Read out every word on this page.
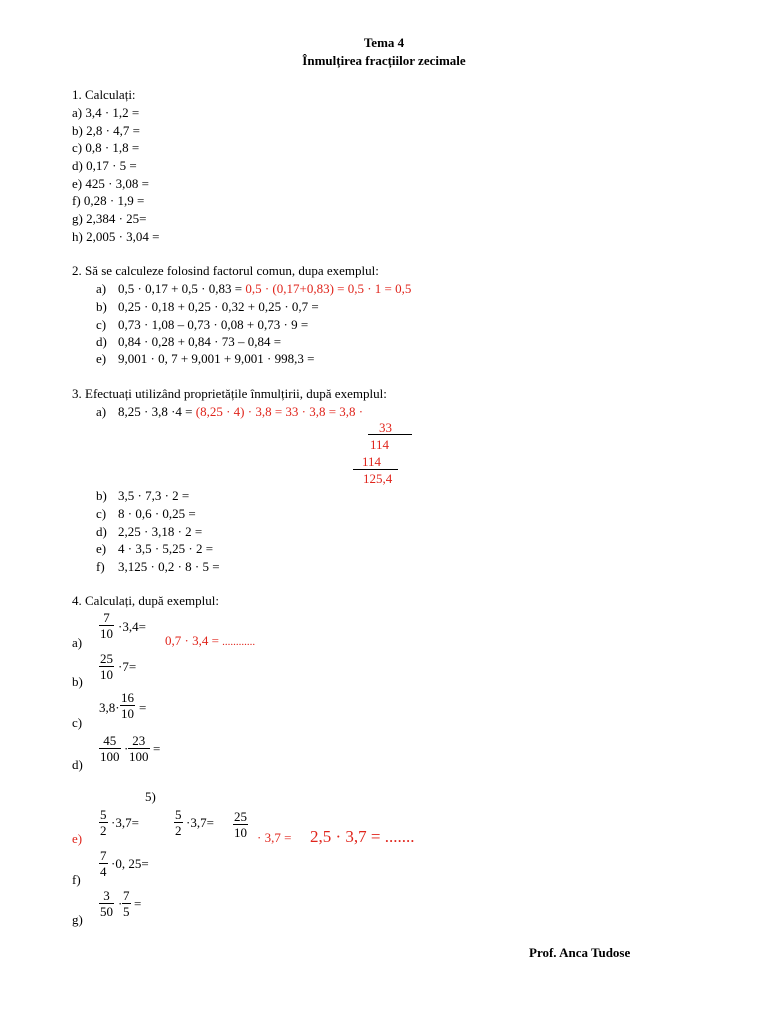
Tema 4
Înmulțirea fracțiilor zecimale
1. Calculați:
a) 3,4 · 1,2 =
b) 2,8 · 4,7 =
c) 0,8 · 1,8 =
d) 0,17 · 5 =
e) 425 · 3,08 =
f) 0,28 · 1,9 =
g) 2,384 · 25=
h) 2,005 · 3,04 =
2. Să se calculeze folosind factorul comun, dupa exemplul:
a) 0,5 · 0,17 + 0,5 · 0,83 = 0,5 · (0,17+0,83) = 0,5 · 1 = 0,5
b) 0,25 · 0,18 + 0,25 · 0,32 + 0,25 · 0,7 =
c) 0,73 · 1,08 – 0,73 · 0,08 + 0,73 · 9 =
d) 0,84 · 0,28 + 0,84 · 73 – 0,84 =
e) 9,001 · 0, 7 + 9,001 + 9,001 · 998,3 =
3. Efectuați utilizând proprietățile înmulțirii, după exemplul:
a) 8,25 · 3,8 ·4 = (8,25 · 4) · 3,8 = 33 · 3,8 = 3,8 ·
33
114
114
125,4
b) 3,5 · 7,3 · 2 =
c) 8 · 0,6 · 0,25 =
d) 2,25 · 3,18 · 2 =
e) 4 · 3,5 · 5,25 · 2 =
f) 3,125 · 0,2 · 8 · 5 =
4. Calculați, după exemplul:
$\frac{7}{10} \cdot 3,4=$
a)	0,7 · 3,4 = ............
$\frac{25}{10} \cdot 7=$
b)
$3,8\cdot \frac{16}{10}$ =
c)
$\frac{45}{100} \cdot \frac{23}{100}$ =
d)
5)
$\frac{5}{2} \cdot 3,7=$	$\frac{5}{2} \cdot 3,7= \frac{25}{10} \cdot 3,7 = 2,5 \cdot 3,7$ = .......
e)
$\frac{7}{4} \cdot 0$, 25=
f)
$\frac{3}{50} \cdot \frac{7}{5}$ =
g)
Prof. Anca Tudose
